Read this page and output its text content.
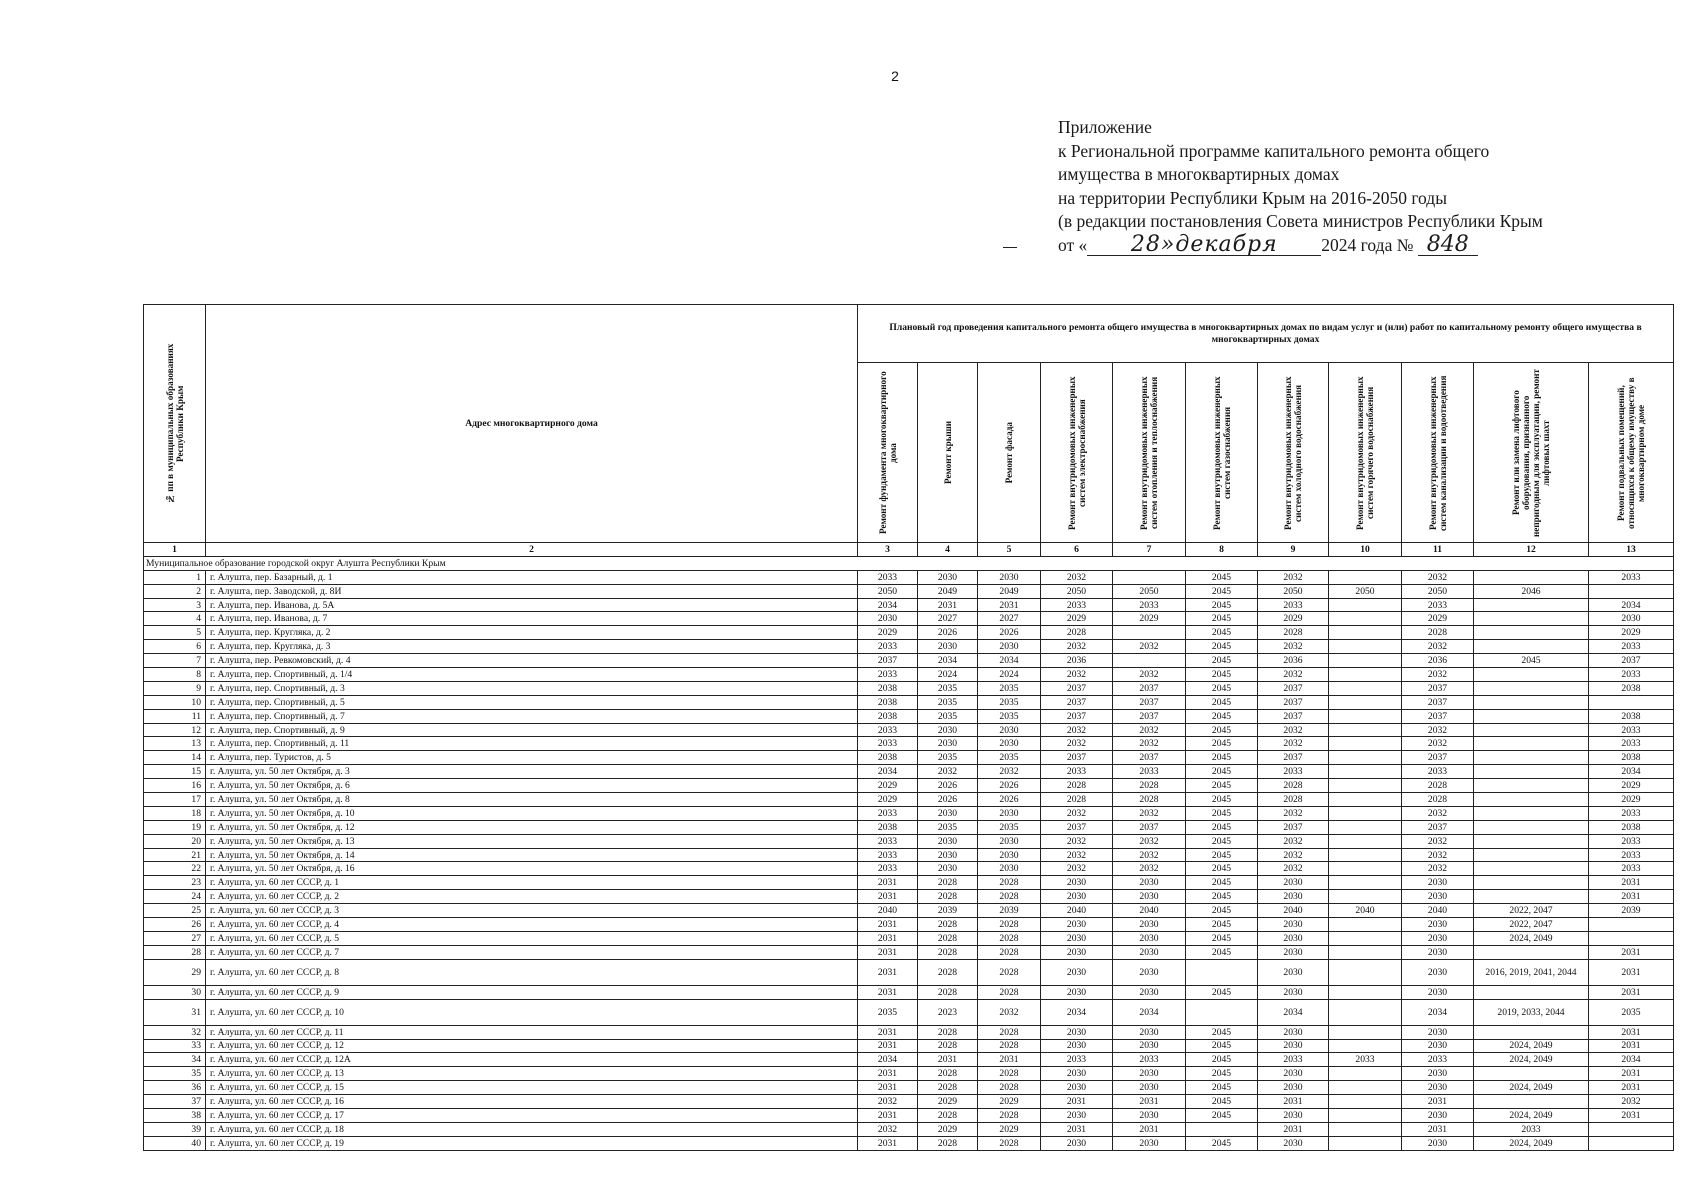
2
Приложение
к Региональной программе капитального ремонта общего
имущества в многоквартирных домах
на территории Республики Крым на 2016-2050 годы
(в редакции постановления Совета министров Республики Крым
от « 28»декабря 2024 года № 848
№ пп в муниципальных образованиях Республики Крым	Адрес многоквартирного дома	Плановый год проведения капитального ремонта общего имущества в многоквартирных домах по видам услуг и (или) работ по капитальному ремонту общего имущества в многоквартирных домах										

		Ремонт фундамента многоквартирного дома	Ремонт крыши	Ремонт фасада	Ремонт внутридомовых инженерных систем электроснабжения	Ремонт внутридомовых инженерных систем отопления и теплоснабжения	Ремонт внутридомовых инженерных систем газоснабжения	Ремонт внутридомовых инженерных систем холодного водоснабжения	Ремонт внутридомовых инженерных систем горячего водоснабжения	Ремонт внутридомовых инженерных систем канализации и водоотведения	Ремонт или замена лифтового оборудования, признанного непригодным для эксплуатации, ремонт лифтовых шахт	Ремонт подвальных помещений, относящихся к общему имуществу в многоквартирном доме

1	2	3	4	5	6	7	8	9	10	11	12	13
Муниципальное образование городской округ Алушта Республики Крым												
1	г. Алушта, пер. Базарный, д. 1	2033	2030	2030	2032		2045	2032		2032		2033
2	г. Алушта, пер. Заводской, д. 8И	2050	2049	2049	2050	2050	2045	2050	2050	2050	2046	
3	г. Алушта, пер. Иванова, д. 5А	2034	2031	2031	2033	2033	2045	2033		2033		2034
4	г. Алушта, пер. Иванова, д. 7	2030	2027	2027	2029	2029	2045	2029		2029		2030
5	г. Алушта, пер. Кругляка, д. 2	2029	2026	2026	2028		2045	2028		2028		2029
6	г. Алушта, пер. Кругляка, д. 3	2033	2030	2030	2032	2032	2045	2032		2032		2033
7	г. Алушта, пер. Ревкомовский, д. 4	2037	2034	2034	2036		2045	2036		2036	2045	2037
8	г. Алушта, пер. Спортивный, д. 1/4	2033	2024	2024	2032	2032	2045	2032		2032		2033
9	г. Алушта, пер. Спортивный, д. 3	2038	2035	2035	2037	2037	2045	2037		2037		2038
10	г. Алушта, пер. Спортивный, д. 5	2038	2035	2035	2037	2037	2045	2037		2037		
11	г. Алушта, пер. Спортивный, д. 7	2038	2035	2035	2037	2037	2045	2037		2037		2038
12	г. Алушта, пер. Спортивный, д. 9	2033	2030	2030	2032	2032	2045	2032		2032		2033
13	г. Алушта, пер. Спортивный, д. 11	2033	2030	2030	2032	2032	2045	2032		2032		2033
14	г. Алушта, пер. Туристов, д. 5	2038	2035	2035	2037	2037	2045	2037		2037		2038
15	г. Алушта, ул. 50 лет Октября, д. 3	2034	2032	2032	2033	2033	2045	2033		2033		2034
16	г. Алушта, ул. 50 лет Октября, д. 6	2029	2026	2026	2028	2028	2045	2028		2028		2029
17	г. Алушта, ул. 50 лет Октября, д. 8	2029	2026	2026	2028	2028	2045	2028		2028		2029
18	г. Алушта, ул. 50 лет Октября, д. 10	2033	2030	2030	2032	2032	2045	2032		2032		2033
19	г. Алушта, ул. 50 лет Октября, д. 12	2038	2035	2035	2037	2037	2045	2037		2037		2038
20	г. Алушта, ул. 50 лет Октября, д. 13	2033	2030	2030	2032	2032	2045	2032		2032		2033
21	г. Алушта, ул. 50 лет Октября, д. 14	2033	2030	2030	2032	2032	2045	2032		2032		2033
22	г. Алушта, ул. 50 лет Октября, д. 16	2033	2030	2030	2032	2032	2045	2032		2032		2033
23	г. Алушта, ул. 60 лет СССР, д. 1	2031	2028	2028	2030	2030	2045	2030		2030		2031
24	г. Алушта, ул. 60 лет СССР, д. 2	2031	2028	2028	2030	2030	2045	2030		2030		2031
25	г. Алушта, ул. 60 лет СССР, д. 3	2040	2039	2039	2040	2040	2045	2040	2040	2040	2022, 2047	2039
26	г. Алушта, ул. 60 лет СССР, д. 4	2031	2028	2028	2030	2030	2045	2030		2030	2022, 2047	
27	г. Алушта, ул. 60 лет СССР, д. 5	2031	2028	2028	2030	2030	2045	2030		2030	2024, 2049	
28	г. Алушта, ул. 60 лет СССР, д. 7	2031	2028	2028	2030	2030	2045	2030		2030		2031
29	г. Алушта, ул. 60 лет СССР, д. 8	2031	2028	2028	2030	2030		2030		2030	2016, 2019, 2041, 2044	2031
30	г. Алушта, ул. 60 лет СССР, д. 9	2031	2028	2028	2030	2030	2045	2030		2030		2031
31	г. Алушта, ул. 60 лет СССР, д. 10	2035	2023	2032	2034	2034		2034		2034	2019, 2033, 2044	2035
32	г. Алушта, ул. 60 лет СССР, д. 11	2031	2028	2028	2030	2030	2045	2030		2030		2031
33	г. Алушта, ул. 60 лет СССР, д. 12	2031	2028	2028	2030	2030	2045	2030		2030	2024, 2049	2031
34	г. Алушта, ул. 60 лет СССР, д. 12А	2034	2031	2031	2033	2033	2045	2033	2033	2033	2024, 2049	2034
35	г. Алушта, ул. 60 лет СССР, д. 13	2031	2028	2028	2030	2030	2045	2030		2030		2031
36	г. Алушта, ул. 60 лет СССР, д. 15	2031	2028	2028	2030	2030	2045	2030		2030	2024, 2049	2031
37	г. Алушта, ул. 60 лет СССР, д. 16	2032	2029	2029	2031	2031	2045	2031		2031		2032
38	г. Алушта, ул. 60 лет СССР, д. 17	2031	2028	2028	2030	2030	2045	2030		2030	2024, 2049	2031
39	г. Алушта, ул. 60 лет СССР, д. 18	2032	2029	2029	2031	2031		2031		2031	2033	
40	г. Алушта, ул. 60 лет СССР, д. 19	2031	2028	2028	2030	2030	2045	2030		2030	2024, 2049	
